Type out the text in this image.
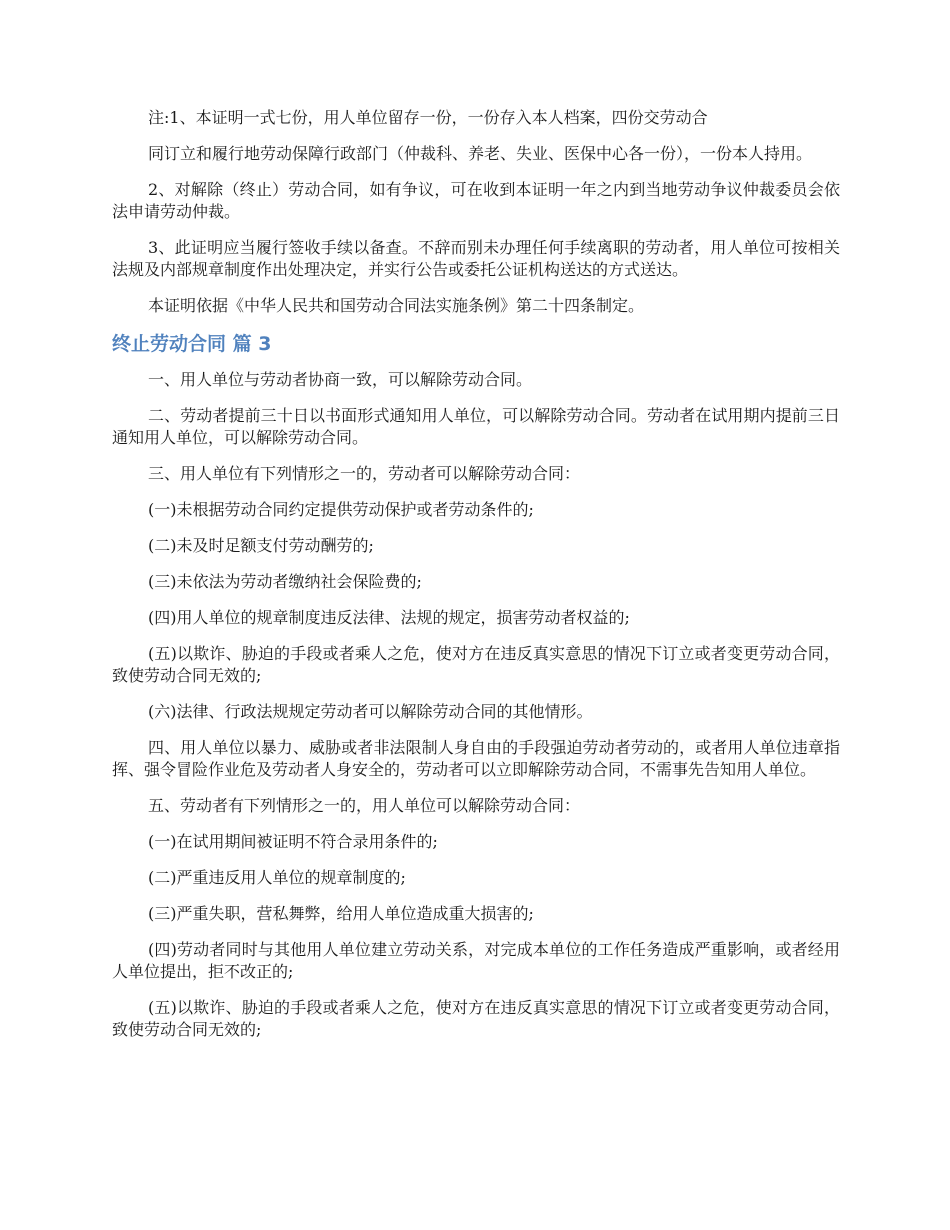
注:1、本证明一式七份，用人单位留存一份，一份存入本人档案，四份交劳动合

同订立和履行地劳动保障行政部门（仲裁科、养老、失业、医保中心各一份），一份本人持用。

2、对解除（终止）劳动合同，如有争议，可在收到本证明一年之内到当地劳动争议仲裁委员会依法申请劳动仲裁。

3、此证明应当履行签收手续以备查。不辞而别未办理任何手续离职的劳动者，用人单位可按相关法规及内部规章制度作出处理决定，并实行公告或委托公证机构送达的方式送达。

本证明依据《中华人民共和国劳动合同法实施条例》第二十四条制定。

终止劳动合同 篇 3

一、用人单位与劳动者协商一致，可以解除劳动合同。

二、劳动者提前三十日以书面形式通知用人单位，可以解除劳动合同。劳动者在试用期内提前三日通知用人单位，可以解除劳动合同。

三、用人单位有下列情形之一的，劳动者可以解除劳动合同：

(一)未根据劳动合同约定提供劳动保护或者劳动条件的;

(二)未及时足额支付劳动酬劳的;

(三)未依法为劳动者缴纳社会保险费的;

(四)用人单位的规章制度违反法律、法规的规定，损害劳动者权益的;

(五)以欺诈、胁迫的手段或者乘人之危，使对方在违反真实意思的情况下订立或者变更劳动合同，致使劳动合同无效的;

(六)法律、行政法规规定劳动者可以解除劳动合同的其他情形。

四、用人单位以暴力、威胁或者非法限制人身自由的手段强迫劳动者劳动的，或者用人单位违章指挥、强令冒险作业危及劳动者人身安全的，劳动者可以立即解除劳动合同，不需事先告知用人单位。

五、劳动者有下列情形之一的，用人单位可以解除劳动合同：

(一)在试用期间被证明不符合录用条件的;

(二)严重违反用人单位的规章制度的;

(三)严重失职，营私舞弊，给用人单位造成重大损害的;

(四)劳动者同时与其他用人单位建立劳动关系，对完成本单位的工作任务造成严重影响，或者经用人单位提出，拒不改正的;

(五)以欺诈、胁迫的手段或者乘人之危，使对方在违反真实意思的情况下订立或者变更劳动合同，致使劳动合同无效的;
